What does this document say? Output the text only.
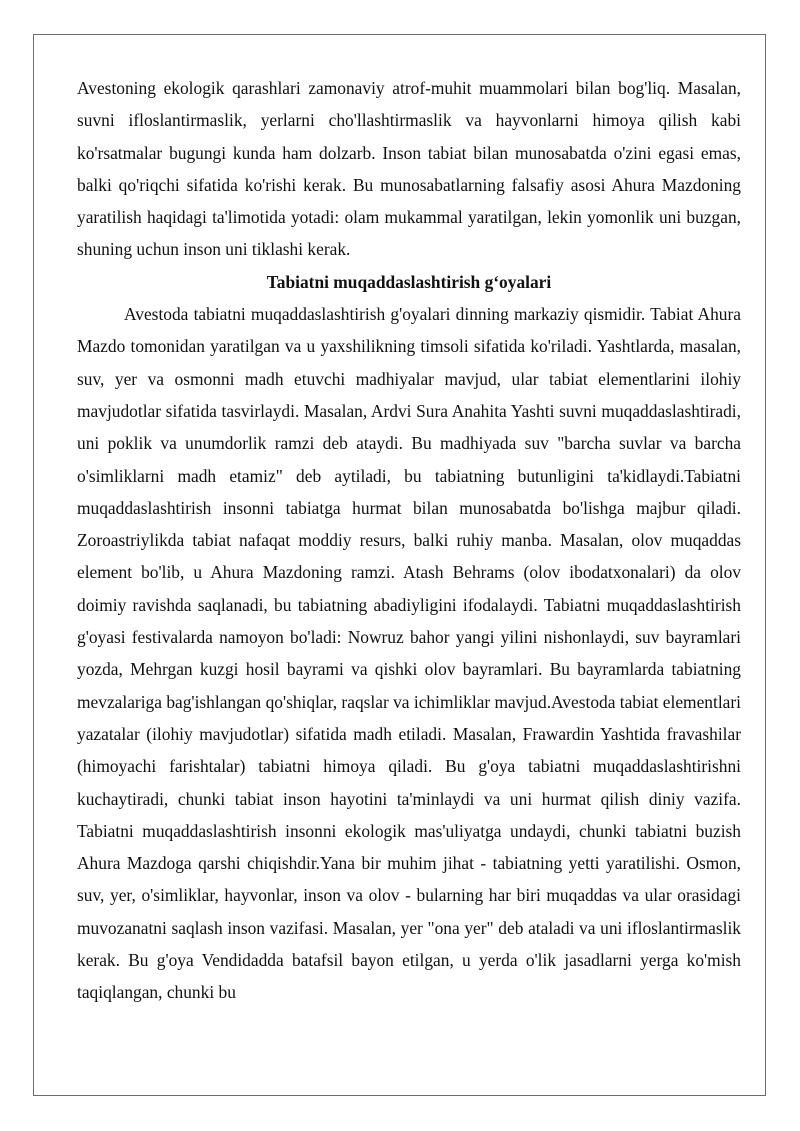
Avestoning ekologik qarashlari zamonaviy atrof-muhit muammolari bilan bog'liq. Masalan, suvni ifloslantirmaslik, yerlarni cho'llashtirmaslik va hayvonlarni himoya qilish kabi ko'rsatmalar bugungi kunda ham dolzarb. Inson tabiat bilan munosabatda o'zini egasi emas, balki qo'riqchi sifatida ko'rishi kerak. Bu munosabatlarning falsafiy asosi Ahura Mazdoning yaratilish haqidagi ta'limotida yotadi: olam mukammal yaratilgan, lekin yomonlik uni buzgan, shuning uchun inson uni tiklashi kerak.

Tabiatni muqaddaslashtirish g‘oyalari

Avestoda tabiatni muqaddaslashtirish g'oyalari dinning markaziy qismidir. Tabiat Ahura Mazdo tomonidan yaratilgan va u yaxshilikning timsoli sifatida ko'riladi. Yashtlarda, masalan, suv, yer va osmonni madh etuvchi madhiyalar mavjud, ular tabiat elementlarini ilohiy mavjudotlar sifatida tasvirlaydi. Masalan, Ardvi Sura Anahita Yashti suvni muqaddaslashtiradi, uni poklik va unumdorlik ramzi deb ataydi. Bu madhiyada suv "barcha suvlar va barcha o'simliklarni madh etamiz" deb aytiladi, bu tabiatning butunligini ta'kidlaydi.Tabiatni muqaddaslashtirish insonni tabiatga hurmat bilan munosabatda bo'lishga majbur qiladi. Zoroastriylikda tabiat nafaqat moddiy resurs, balki ruhiy manba. Masalan, olov muqaddas element bo'lib, u Ahura Mazdoning ramzi. Atash Behrams (olov ibodatxonalari) da olov doimiy ravishda saqlanadi, bu tabiatning abadiyligini ifodalaydi. Tabiatni muqaddaslashtirish g'oyasi festivalarda namoyon bo'ladi: Nowruz bahor yangi yilini nishonlaydi, suv bayramlari yozda, Mehrgan kuzgi hosil bayrami va qishki olov bayramlari. Bu bayramlarda tabiatning mevzalariga bag'ishlangan qo'shiqlar, raqslar va ichimliklar mavjud.Avestoda tabiat elementlari yazatalar (ilohiy mavjudotlar) sifatida madh etiladi. Masalan, Frawardin Yashtida fravashilar (himoyachi farishtalar) tabiatni himoya qiladi. Bu g'oya tabiatni muqaddaslashtirishni kuchaytiradi, chunki tabiat inson hayotini ta'minlaydi va uni hurmat qilish diniy vazifa. Tabiatni muqaddaslashtirish insonni ekologik mas'uliyatga undaydi, chunki tabiatni buzish Ahura Mazdoga qarshi chiqishdir.Yana bir muhim jihat - tabiatning yetti yaratilishi. Osmon, suv, yer, o'simliklar, hayvonlar, inson va olov - bularning har biri muqaddas va ular orasidagi muvozanatni saqlash inson vazifasi. Masalan, yer "ona yer" deb ataladi va uni ifloslantirmaslik kerak. Bu g'oya Vendidadda batafsil bayon etilgan, u yerda o'lik jasadlarni yerga ko'mish taqiqlangan, chunki bu
